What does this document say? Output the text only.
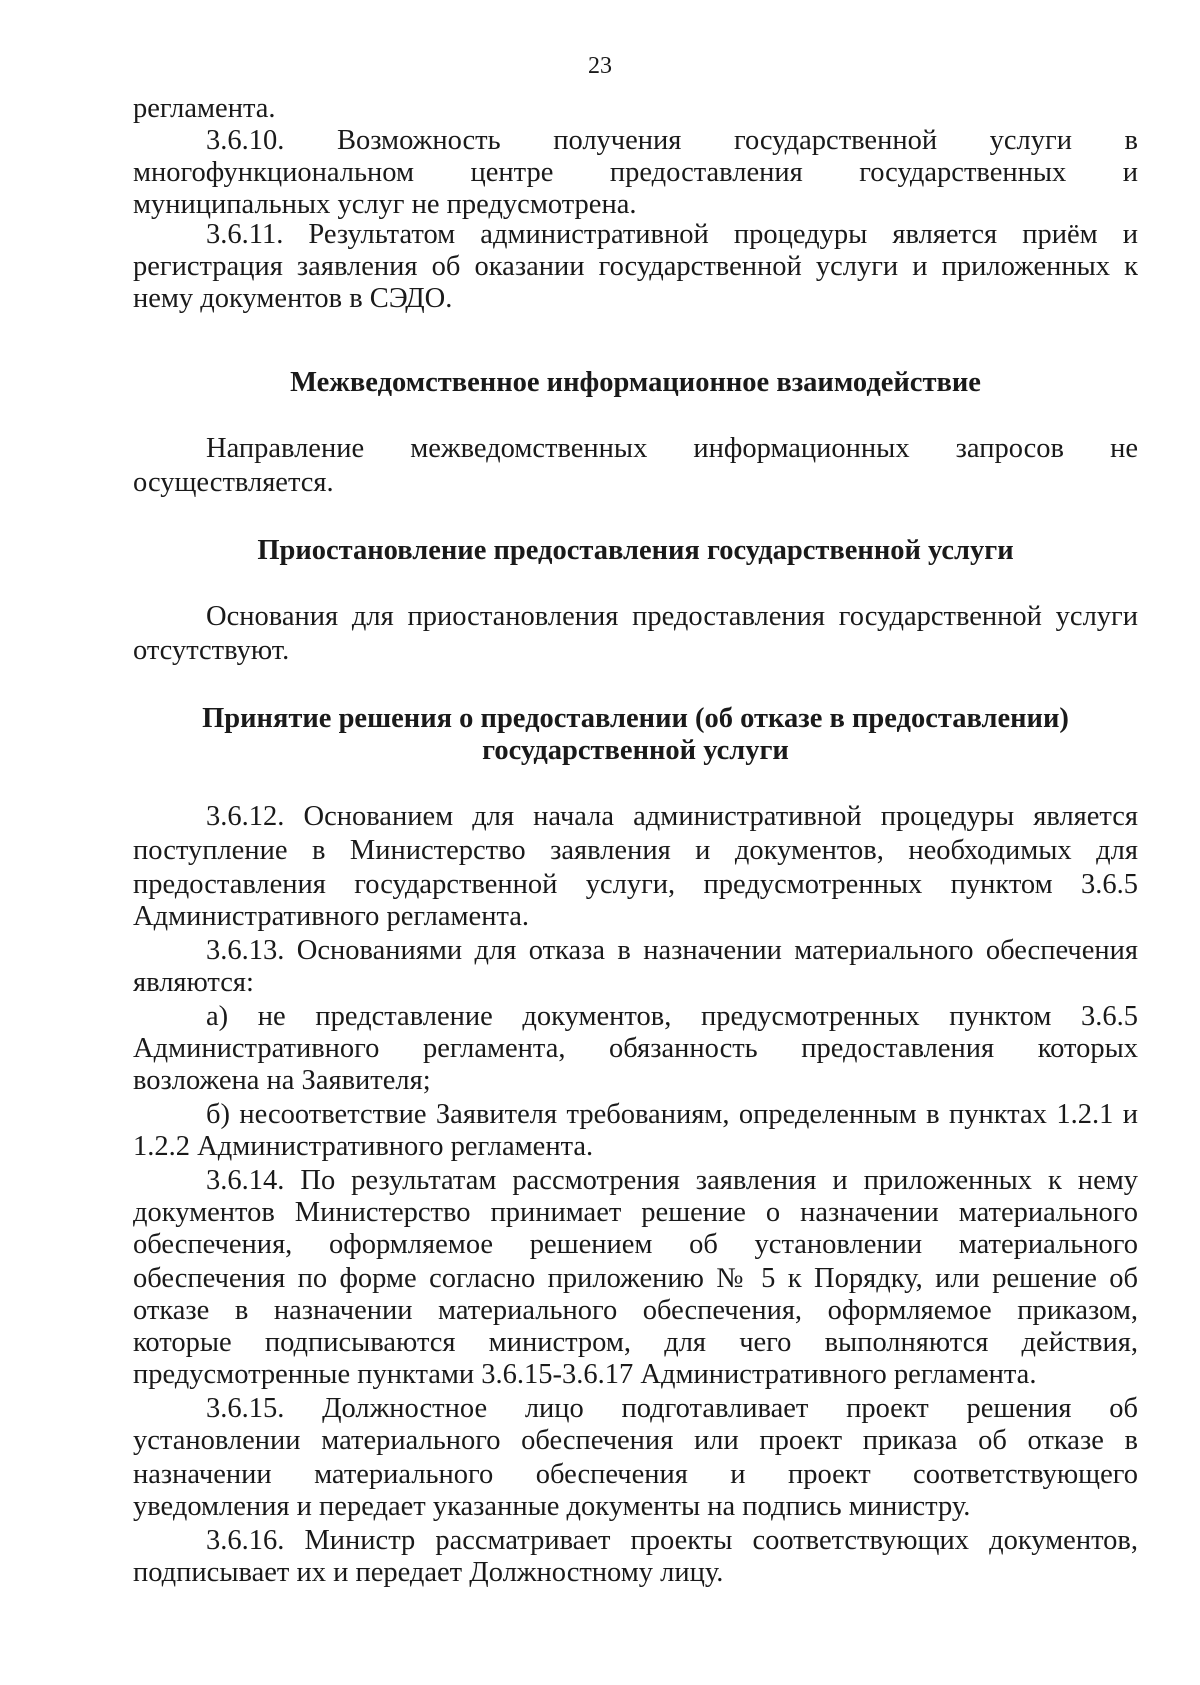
23
регламента.
3.6.10. Возможность получения государственной услуги в
многофункциональном центре предоставления государственных и
муниципальных услуг не предусмотрена.
3.6.11. Результатом административной процедуры является приём и
регистрация заявления об оказании государственной услуги и приложенных к
нему документов в СЭДО.
Межведомственное информационное взаимодействие
Направление межведомственных информационных запросов не
осуществляется.
Приостановление предоставления государственной услуги
Основания для приостановления предоставления государственной услуги
отсутствуют.
Принятие решения о предоставлении (об отказе в предоставлении)
государственной услуги
3.6.12. Основанием для начала административной процедуры является
поступление в Министерство заявления и документов, необходимых для
предоставления государственной услуги, предусмотренных пунктом 3.6.5
Административного регламента.
3.6.13. Основаниями для отказа в назначении материального обеспечения
являются:
а) не представление документов, предусмотренных пунктом 3.6.5
Административного регламента, обязанность предоставления которых
возложена на Заявителя;
б) несоответствие Заявителя требованиям, определенным в пунктах 1.2.1 и
1.2.2 Административного регламента.
3.6.14. По результатам рассмотрения заявления и приложенных к нему
документов Министерство принимает решение о назначении материального
обеспечения, оформляемое решением об установлении материального
обеспечения по форме согласно приложению № 5 к Порядку, или решение об
отказе в назначении материального обеспечения, оформляемое приказом,
которые подписываются министром, для чего выполняются действия,
предусмотренные пунктами 3.6.15-3.6.17 Административного регламента.
3.6.15. Должностное лицо подготавливает проект решения об
установлении материального обеспечения или проект приказа об отказе в
назначении материального обеспечения и проект соответствующего
уведомления и передает указанные документы на подпись министру.
3.6.16. Министр рассматривает проекты соответствующих документов,
подписывает их и передает Должностному лицу.
